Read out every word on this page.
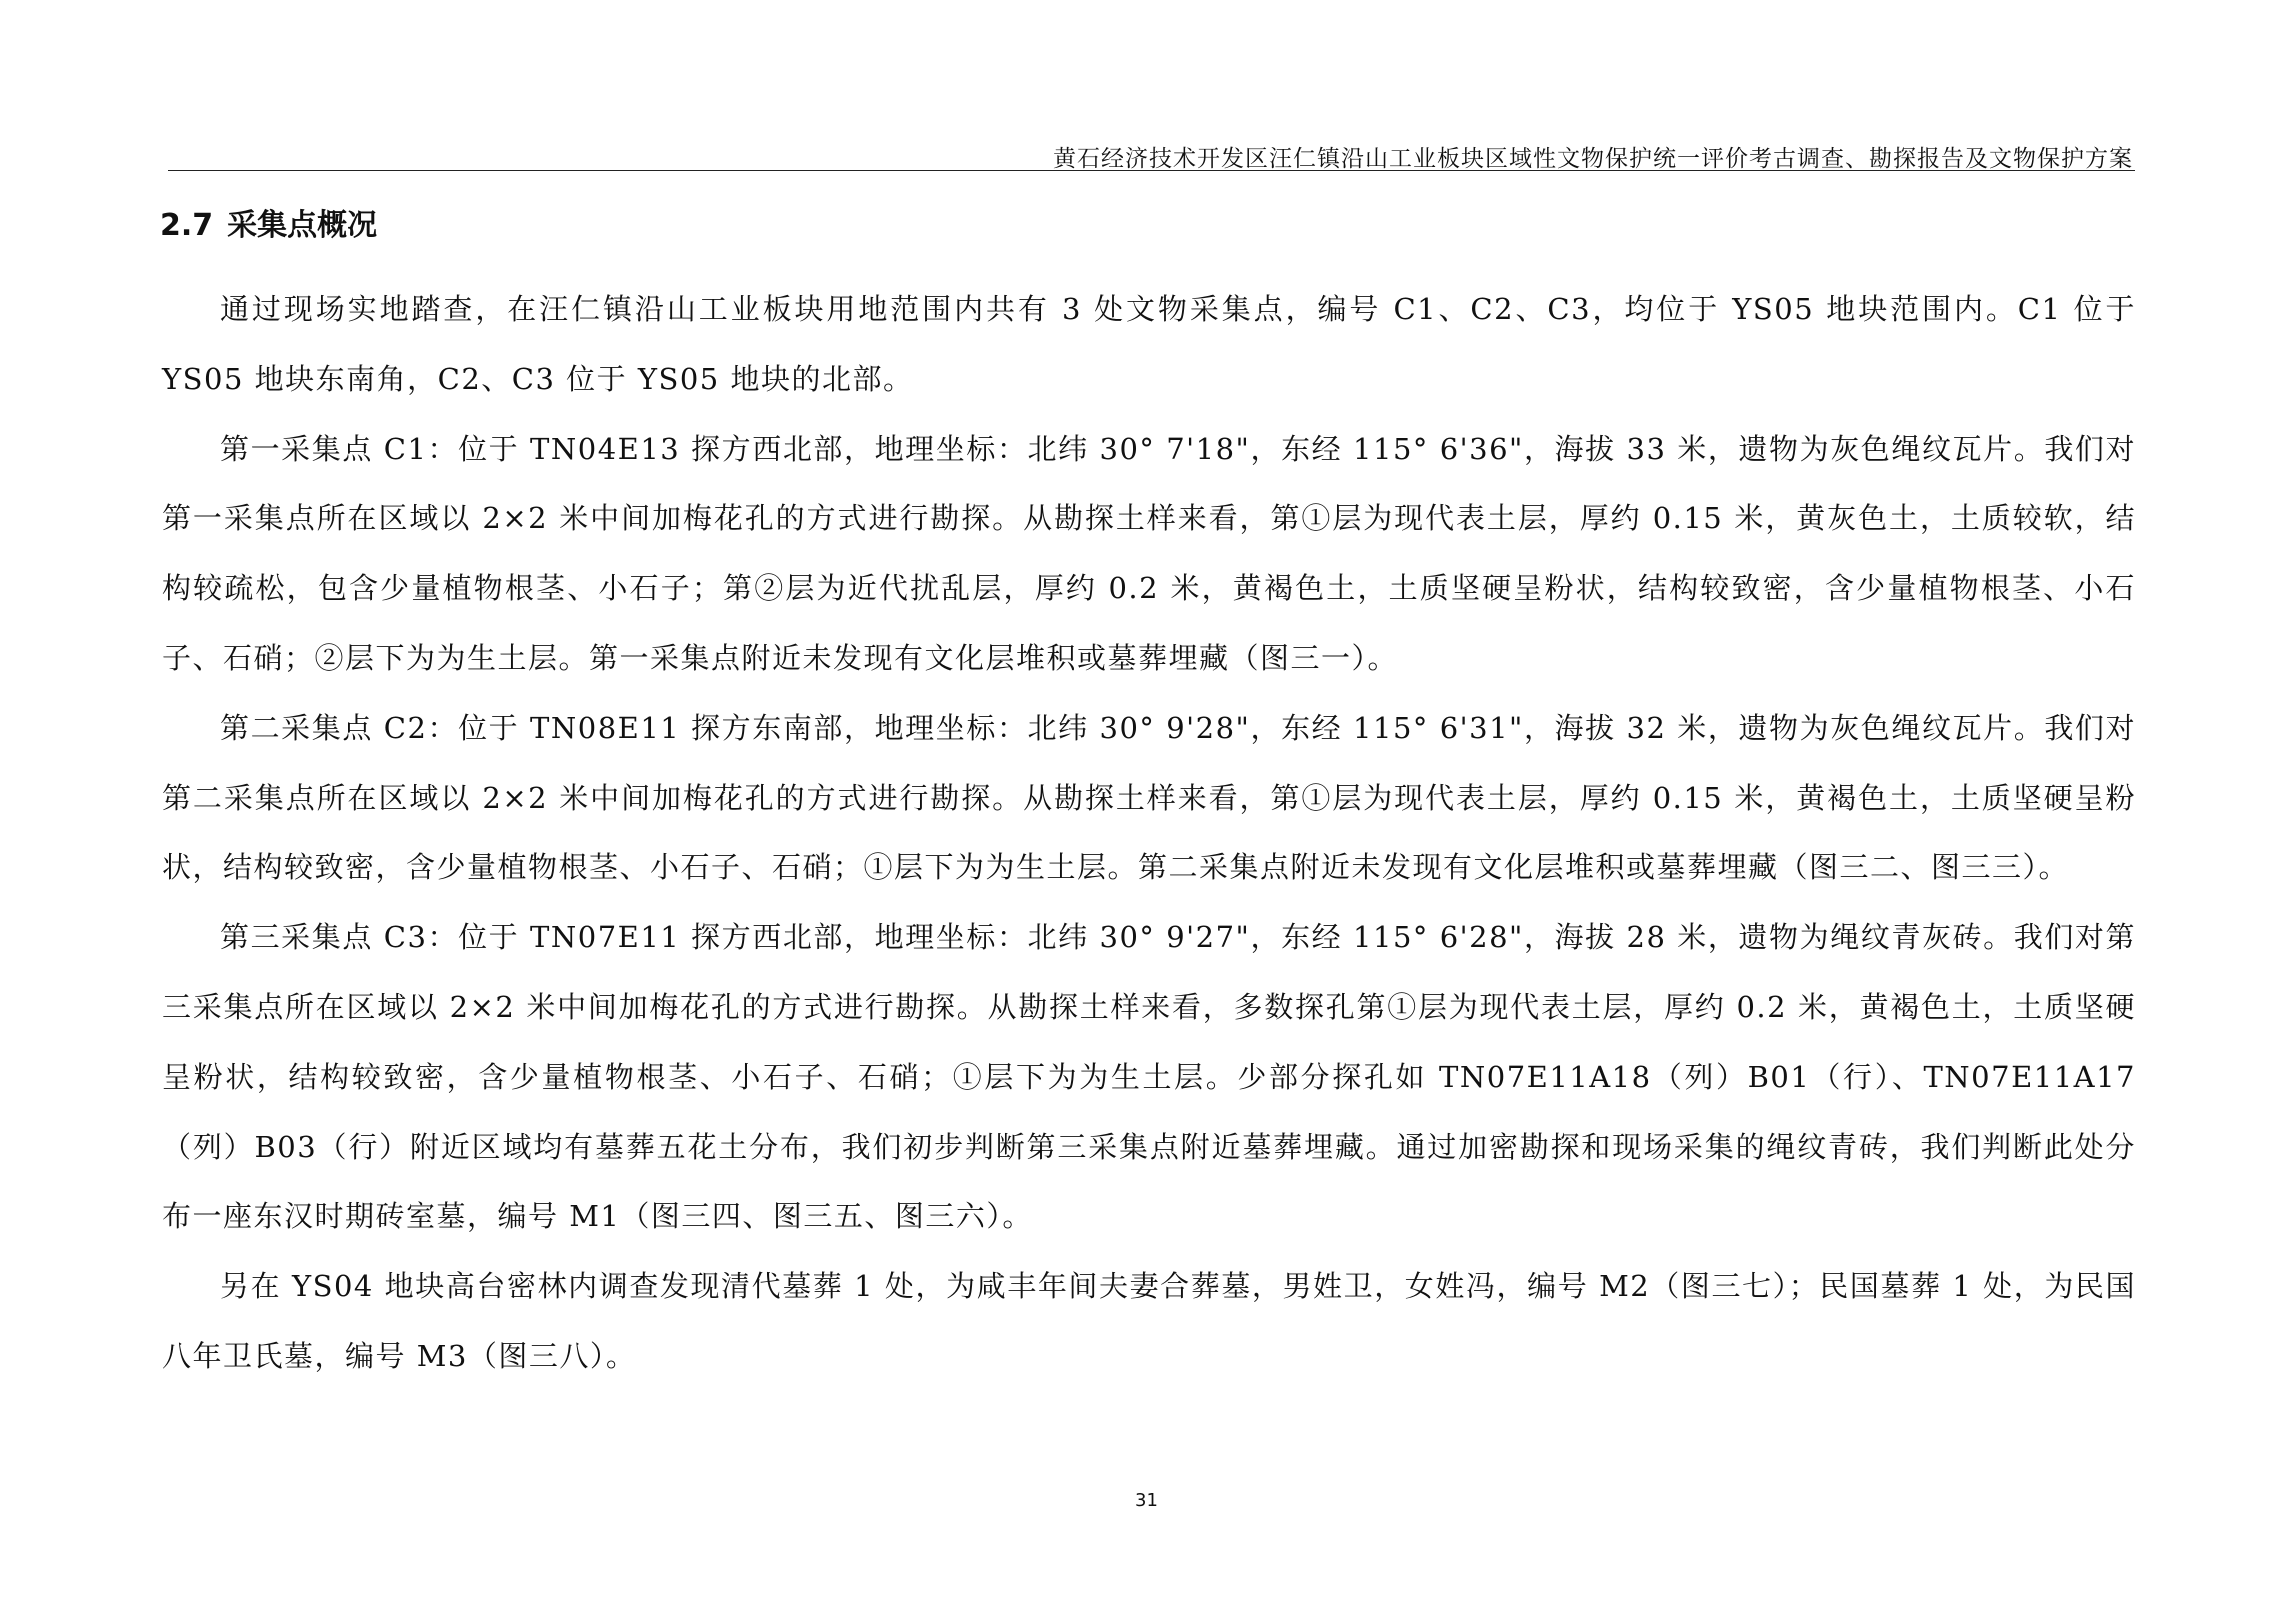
黄石经济技术开发区汪仁镇沿山工业板块区域性文物保护统一评价考古调查、勘探报告及文物保护方案
2.7 采集点概况

通过现场实地踏查，在汪仁镇沿山工业板块用地范围内共有 3 处文物采集点，编号 C1、C2、C3，均位于 YS05 地块范围内。C1 位于 YS05 地块东南角，C2、C3 位于 YS05 地块的北部。

第一采集点 C1：位于 TN04E13 探方西北部，地理坐标：北纬 30° 7'18"，东经 115° 6'36"，海拔 33 米，遗物为灰色绳纹瓦片。我们对第一采集点所在区域以 2×2 米中间加梅花孔的方式进行勘探。从勘探土样来看，第①层为现代表土层，厚约 0.15 米，黄灰色土，土质较软，结构较疏松，包含少量植物根茎、小石子；第②层为近代扰乱层，厚约 0.2 米，黄褐色土，土质坚硬呈粉状，结构较致密，含少量植物根茎、小石子、石硝；②层下为为生土层。第一采集点附近未发现有文化层堆积或墓葬埋藏（图三一）。

第二采集点 C2：位于 TN08E11 探方东南部，地理坐标：北纬 30° 9'28"，东经 115° 6'31"，海拔 32 米，遗物为灰色绳纹瓦片。我们对第二采集点所在区域以 2×2 米中间加梅花孔的方式进行勘探。从勘探土样来看，第①层为现代表土层，厚约 0.15 米，黄褐色土，土质坚硬呈粉状，结构较致密，含少量植物根茎、小石子、石硝；①层下为为生土层。第二采集点附近未发现有文化层堆积或墓葬埋藏（图三二、图三三）。

第三采集点 C3：位于 TN07E11 探方西北部，地理坐标：北纬 30° 9'27"，东经 115° 6'28"，海拔 28 米，遗物为绳纹青灰砖。我们对第三采集点所在区域以 2×2 米中间加梅花孔的方式进行勘探。从勘探土样来看，多数探孔第①层为现代表土层，厚约 0.2 米，黄褐色土，土质坚硬呈粉状，结构较致密，含少量植物根茎、小石子、石硝；①层下为为生土层。少部分探孔如 TN07E11A18（列）B01（行）、TN07E11A17（列）B03（行）附近区域均有墓葬五花土分布，我们初步判断第三采集点附近墓葬埋藏。通过加密勘探和现场采集的绳纹青砖，我们判断此处分布一座东汉时期砖室墓，编号 M1（图三四、图三五、图三六）。

另在 YS04 地块高台密林内调查发现清代墓葬 1 处，为咸丰年间夫妻合葬墓，男姓卫，女姓冯，编号 M2（图三七）；民国墓葬 1 处，为民国八年卫氏墓，编号 M3（图三八）。

31
